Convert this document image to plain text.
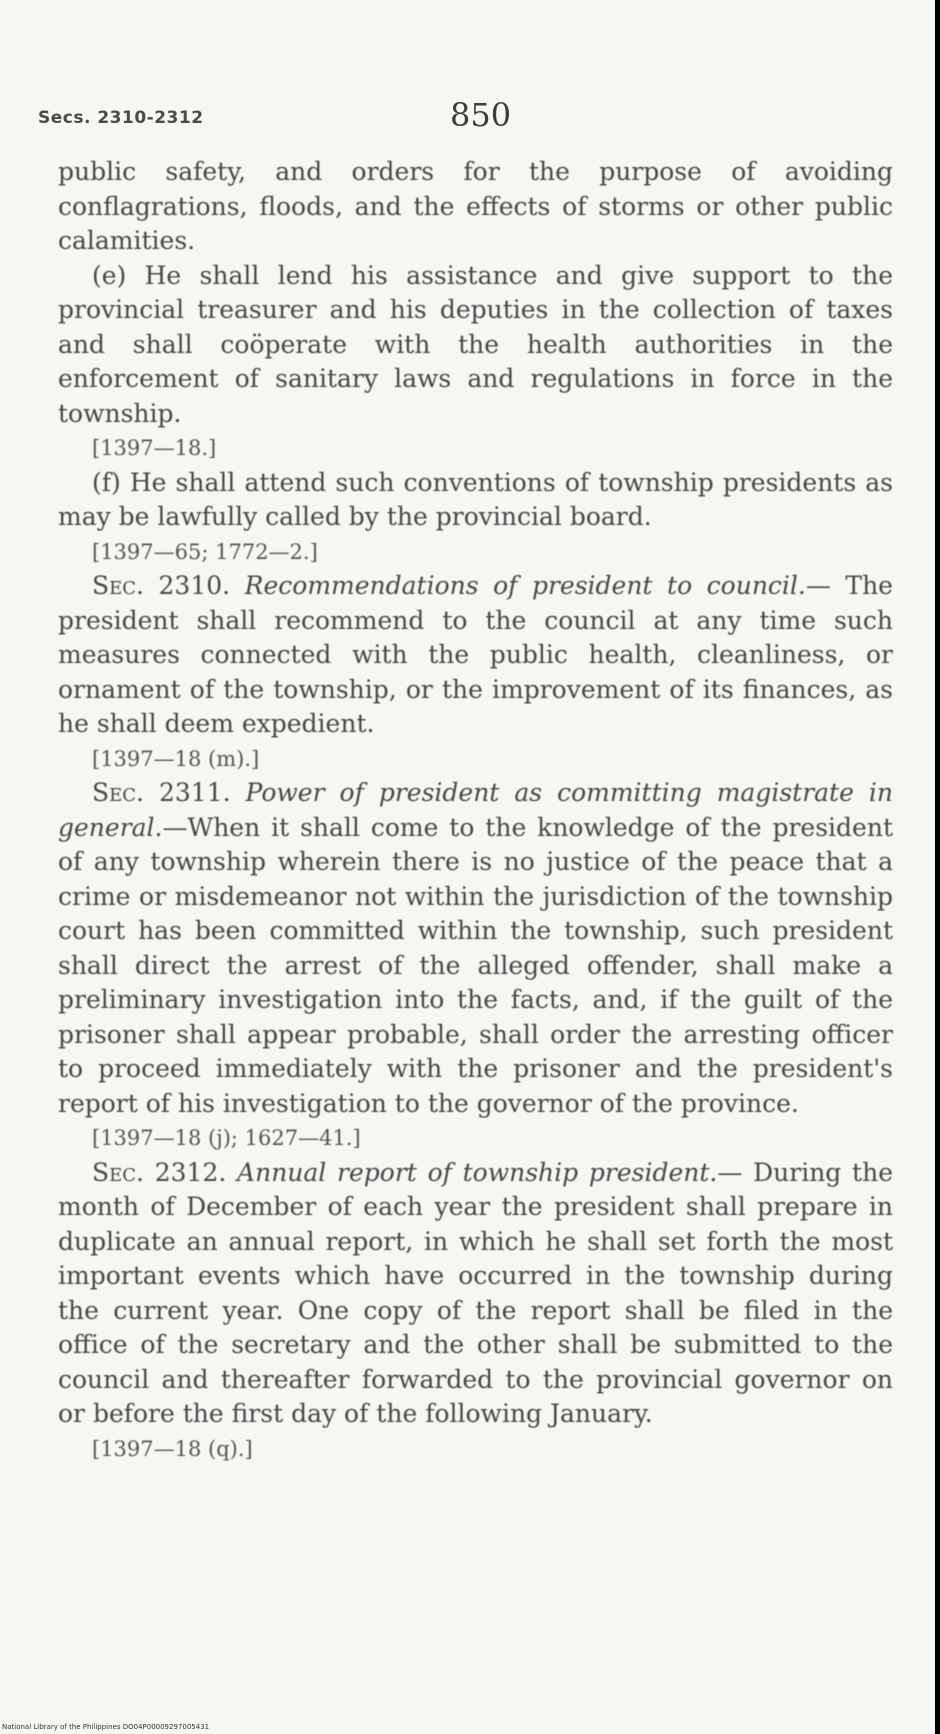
Secs. 2310-2312	850

public safety, and orders for the purpose of avoiding conflagrations, floods, and the effects of storms or other public calamities.

(e) He shall lend his assistance and give support to the provincial treasurer and his deputies in the collection of taxes and shall coöperate with the health authorities in the enforcement of sanitary laws and regulations in force in the township.

[1397—18.]

(f) He shall attend such conventions of township presidents as may be lawfully called by the provincial board.

[1397—65; 1772—2.]

Sec. 2310. Recommendations of president to council.— The president shall recommend to the council at any time such measures connected with the public health, cleanliness, or ornament of the township, or the improvement of its finances, as he shall deem expedient.

[1397—18 (m).]

Sec. 2311. Power of president as committing magistrate in general.—When it shall come to the knowledge of the president of any township wherein there is no justice of the peace that a crime or misdemeanor not within the jurisdiction of the township court has been committed within the township, such president shall direct the arrest of the alleged offender, shall make a preliminary investigation into the facts, and, if the guilt of the prisoner shall appear probable, shall order the arresting officer to proceed immediately with the prisoner and the president's report of his investigation to the governor of the province.

[1397—18 (j); 1627—41.]

Sec. 2312. Annual report of township president.— During the month of December of each year the president shall prepare in duplicate an annual report, in which he shall set forth the most important events which have occurred in the township during the current year. One copy of the report shall be filed in the office of the secretary and the other shall be submitted to the council and thereafter forwarded to the provincial governor on or before the first day of the following January.

[1397—18 (q).]

National Library of the Philippines DO04P00009297005431
